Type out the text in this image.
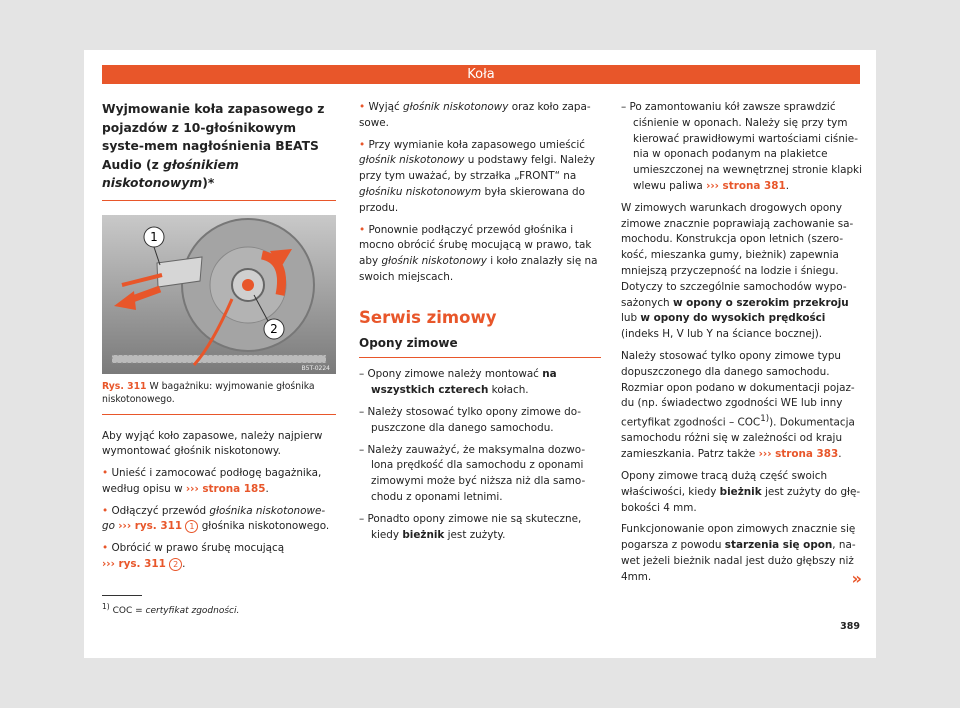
Koła
Wyjmowanie koła zapasowego z pojazdów z 10-głośnikowym syste-mem nagłośnienia BEATS Audio (z głośnikiem niskotonowym)*
1
2
B5T-0224
Rys. 311 W bagażniku: wyjmowanie głośnika niskotonowego.

Aby wyjąć koło zapasowe, należy najpierw wymontować głośnik niskotonowy.

• Unieść i zamocować podłogę bagażnika, według opisu w ››› strona 185.

• Odłączyć przewód głośnika niskotonowe-go ››› rys. 311 1 głośnika niskotonowego.

• Obrócić w prawo śrubę mocującą
››› rys. 311 2 .

• Wyjąć głośnik niskotonowy oraz koło zapa-sowe.

• Przy wymianie koła zapasowego umieścić głośnik niskotonowy u podstawy felgi. Należy przy tym uważać, by strzałka „FRONT“ na głośniku niskotonowym była skierowana do przodu.

• Ponownie podłączyć przewód głośnika i mocno obrócić śrubę mocującą w prawo, tak aby głośnik niskotonowy i koło znalazły się na swoich miejscach.

Serwis zimowy
Opony zimowe

– Opony zimowe należy montować na wszystkich czterech kołach.

– Należy stosować tylko opony zimowe do-puszczone dla danego samochodu.

– Należy zauważyć, że maksymalna dozwo-lona prędkość dla samochodu z oponami zimowymi może być niższa niż dla samo-chodu z oponami letnimi.

– Ponadto opony zimowe nie są skuteczne, kiedy bieżnik jest zużyty.

– Po zamontowaniu kół zawsze sprawdzić ciśnienie w oponach. Należy się przy tym kierować prawidłowymi wartościami ciśnie-nia w oponach podanym na plakietce umieszczonej na wewnętrznej stronie klapki wlewu paliwa ››› strona 381.

W zimowych warunkach drogowych opony zimowe znacznie poprawiają zachowanie sa-mochodu. Konstrukcja opon letnich (szero-kość, mieszanka gumy, bieżnik) zapewnia mniejszą przyczepność na lodzie i śniegu. Dotyczy to szczególnie samochodów wypo-sażonych w opony o szerokim przekroju lub w opony do wysokich prędkości (indeks H, V lub Y na ściance bocznej).

Należy stosować tylko opony zimowe typu dopuszczonego dla danego samochodu. Rozmiar opon podano w dokumentacji pojaz-du (np. świadectwo zgodności WE lub inny certyfikat zgodności – COC$^{1)}$). Dokumentacja samochodu różni się w zależności od kraju zamieszkania. Patrz także ››› strona 383.

Opony zimowe tracą dużą część swoich właściwości, kiedy bieżnik jest zużyty do głę-bokości 4 mm.

Funkcjonowanie opon zimowych znacznie się pogarsza z powodu starzenia się opon, na-wet jeżeli bieżnik nadal jest dużo głębszy niż 4mm.	»
$^{1)}$ COC = certyfikat zgodności.
389
